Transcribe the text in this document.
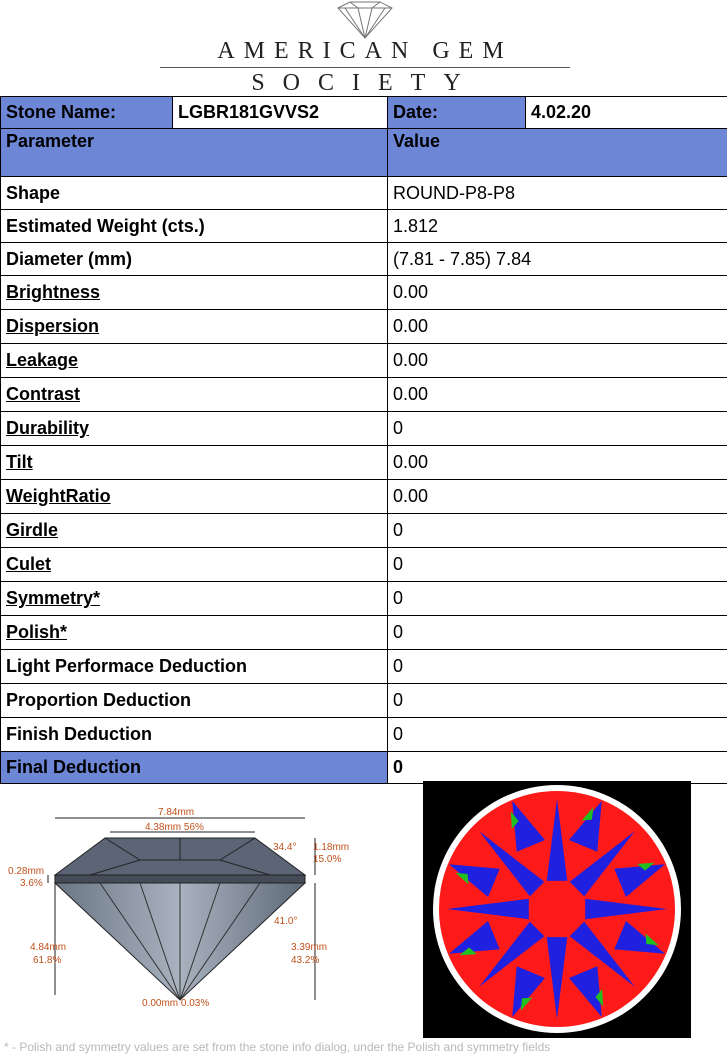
AMERICAN GEM
SOCIETY
Stone Name:	LGBR181GVVS2	Date:	4.02.20
Parameter		Value	
Shape		ROUND-P8-P8	
Estimated Weight (cts.)		1.812	
Diameter (mm)		(7.81 - 7.85) 7.84	
Brightness		0.00	
Dispersion		0.00	
Leakage		0.00	
Contrast		0.00	
Durability		0	
Tilt		0.00	
WeightRatio		0.00	
Girdle		0	
Culet		0	
Symmetry*		0	
Polish*		0	
Light Performace Deduction		0	
Proportion Deduction		0	
Finish Deduction		0	
Final Deduction		0	
7.84mm
4.38mm 56%
34.4° 1.18mm
15.0%
0.28mm
3.6%
41.0°
4.84mm
61.8%
3.39mm
43.2%
0.00mm 0.03%
* - Polish and symmetry values are set from the stone info dialog, under the Polish and symmetry fields
